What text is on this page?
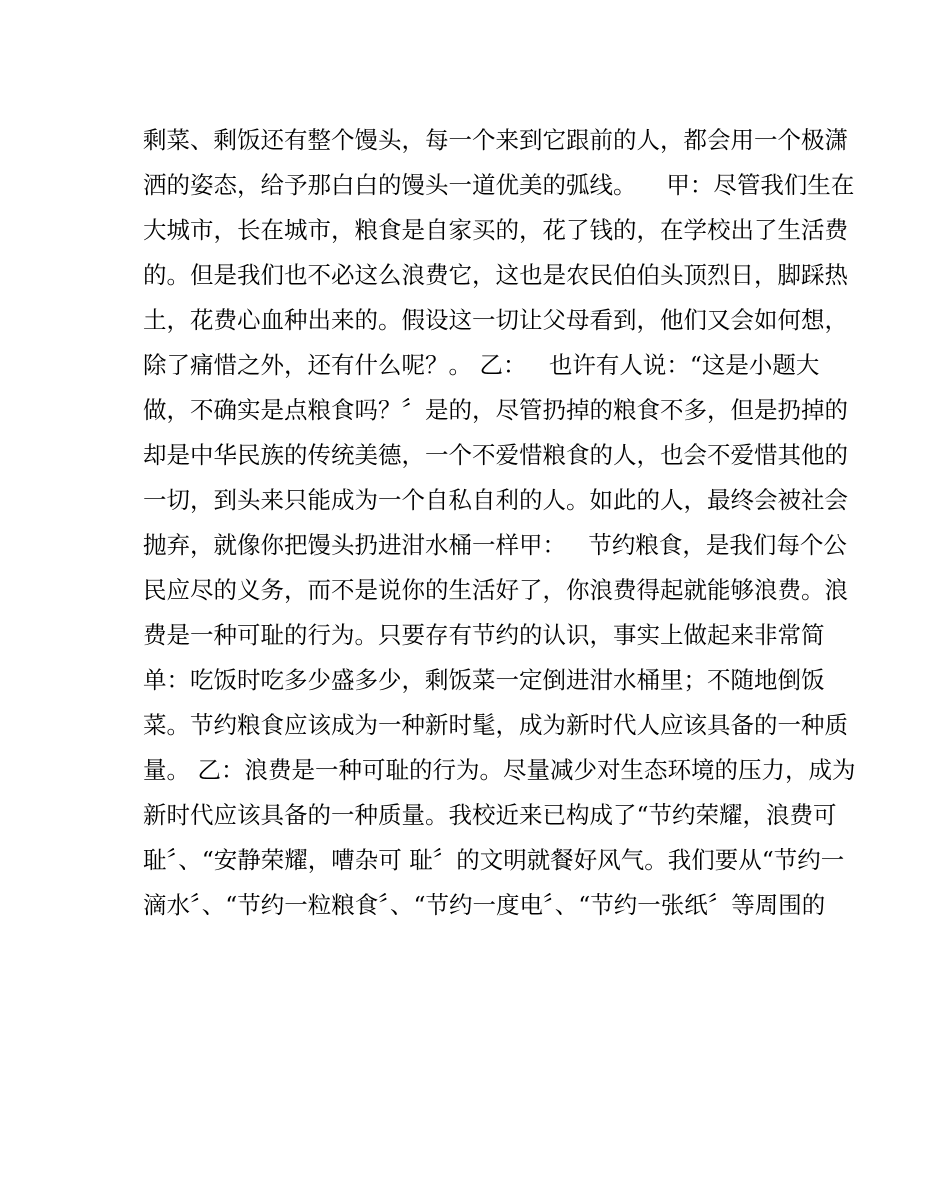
剩菜、剩饭还有整个馒头，每一个来到它跟前的人，都会用一个极潇
洒的姿态，给予那白白的馒头一道优美的弧线。    甲：尽管我们生在
大城市，长在城市，粮食是自家买的，花了钱的，在学校出了生活费
的。但是我们也不必这么浪费它，这也是农民伯伯头顶烈日，脚踩热
土，花费心血种出来的。假设这一切让父母看到，他们又会如何想，
除了痛惜之外，还有什么呢？。 乙：   也许有人说：“这是小题大
做，不确实是点粮食吗？〞是的，尽管扔掉的粮食不多，但是扔掉的
却是中华民族的传统美德，一个不爱惜粮食的人，也会不爱惜其他的
一切，到头来只能成为一个自私自利的人。如此的人，最终会被社会
抛弃，就像你把馒头扔进泔水桶一样甲：   节约粮食，是我们每个公
民应尽的义务，而不是说你的生活好了，你浪费得起就能够浪费。浪
费是一种可耻的行为。只要存有节约的认识，事实上做起来非常简
单：吃饭时吃多少盛多少，剩饭菜一定倒进泔水桶里；不随地倒饭
菜。节约粮食应该成为一种新时髦，成为新时代人应该具备的一种质
量。 乙：浪费是一种可耻的行为。尽量减少对生态环境的压力，成为
新时代应该具备的一种质量。我校近来已构成了“节约荣耀，浪费可
耻〞、“安静荣耀，嘈杂可 耻〞的文明就餐好风气。我们要从“节约一
滴水〞、“节约一粒粮食〞、“节约一度电〞、“节约一张纸〞等周围的
